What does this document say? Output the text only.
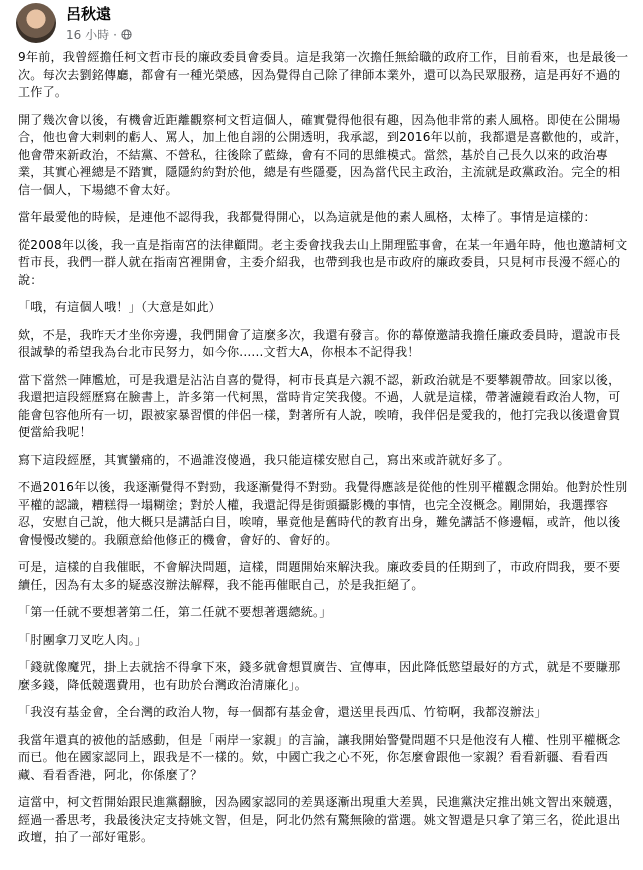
呂秋遠
16 小時 ·

9年前，我曾經擔任柯文哲市長的廉政委員會委員。這是我第一次擔任無給職的政府工作，目前看來，也是最後一次。每次去劉銘傳廳，都會有一種光榮感，因為覺得自己除了律師本業外，還可以為民眾服務，這是再好不過的工作了。

開了幾次會以後，有機會近距離觀察柯文哲這個人，確實覺得他很有趣，因為他非常的素人風格。即使在公開場合，他也會大剌剌的虧人、罵人，加上他自詡的公開透明，我承認，到2016年以前，我都還是喜歡他的，或許，他會帶來新政治，不結黨、不營私，往後除了藍綠，會有不同的思維模式。當然，基於自己長久以來的政治專業，其實心裡總是不踏實，隱隱約約對於他，總是有些隱憂，因為當代民主政治，主流就是政黨政治。完全的相信一個人，下場總不會太好。

當年最愛他的時候，是連他不認得我，我都覺得開心，以為這就是他的素人風格，太棒了。事情是這樣的：

從2008年以後，我一直是指南宮的法律顧問。老主委會找我去山上開理監事會，在某一年過年時，他也邀請柯文哲市長，我們一群人就在指南宮裡開會，主委介紹我，也帶到我也是市政府的廉政委員，只見柯市長漫不經心的說：

「哦，有這個人哦！」（大意是如此）

欸，不是，我昨天才坐你旁邊，我們開會了這麼多次，我還有發言。你的幕僚邀請我擔任廉政委員時，還說市長很誠摯的希望我為台北市民努力，如今你......文哲大A，你根本不記得我！

當下當然一陣尷尬，可是我還是沾沾自喜的覺得，柯市長真是六親不認，新政治就是不要攀親帶故。回家以後，我還把這段經歷寫在臉書上，許多第一代柯黑，當時肯定笑我傻。不過，人就是這樣，帶著濾鏡看政治人物，可能會包容他所有一切，跟被家暴習慣的伴侶一樣，對著所有人說，唉唷，我伴侶是愛我的，他打完我以後還會買便當給我呢！

寫下這段經歷，其實蠻痛的，不過誰沒傻過，我只能這樣安慰自己，寫出來或許就好多了。

不過2016年以後，我逐漸覺得不對勁，我逐漸覺得不對勁。我覺得應該是從他的性別平權觀念開始。他對於性別平權的認識，糟糕得一塌糊塗；對於人權，我還記得是街頭攝影機的事情，也完全沒概念。剛開始，我選擇容忍，安慰自己說，他大概只是講話白目，唉唷，畢竟他是舊時代的教育出身，難免講話不修邊幅，或許，他以後會慢慢改變的。我願意給他修正的機會，會好的、會好的。

可是，這樣的自我催眠，不會解決問題，這樣，問題開始來解決我。廉政委員的任期到了，市政府問我，要不要續任，因為有太多的疑惑沒辦法解釋，我不能再催眠自己，於是我拒絕了。

「第一任就不要想著第二任，第二任就不要想著選總統。」

「肘團拿刀叉吃人肉。」

「錢就像魔咒，掛上去就捨不得拿下來，錢多就會想買廣告、宣傳車，因此降低慾望最好的方式，就是不要賺那麼多錢，降低競選費用，也有助於台灣政治清廉化」。

「我沒有基金會，全台灣的政治人物，每一個都有基金會，還送里長西瓜、竹筍啊，我都沒辦法」

我當年還真的被他的話感動，但是「兩岸一家親」的言論，讓我開始警覺問題不只是他沒有人權、性別平權概念而已。他在國家認同上，跟我是不一樣的。欸，中國亡我之心不死，你怎麼會跟他一家親？看看新疆、看看西藏、看看香港，阿北，你係麼了？

這當中，柯文哲開始跟民進黨翻臉，因為國家認同的差異逐漸出現重大差異，民進黨決定推出姚文智出來競選，經過一番思考，我最後決定支持姚文智，但是，阿北仍然有驚無險的當選。姚文智還是只拿了第三名，從此退出政壇，拍了一部好電影。
